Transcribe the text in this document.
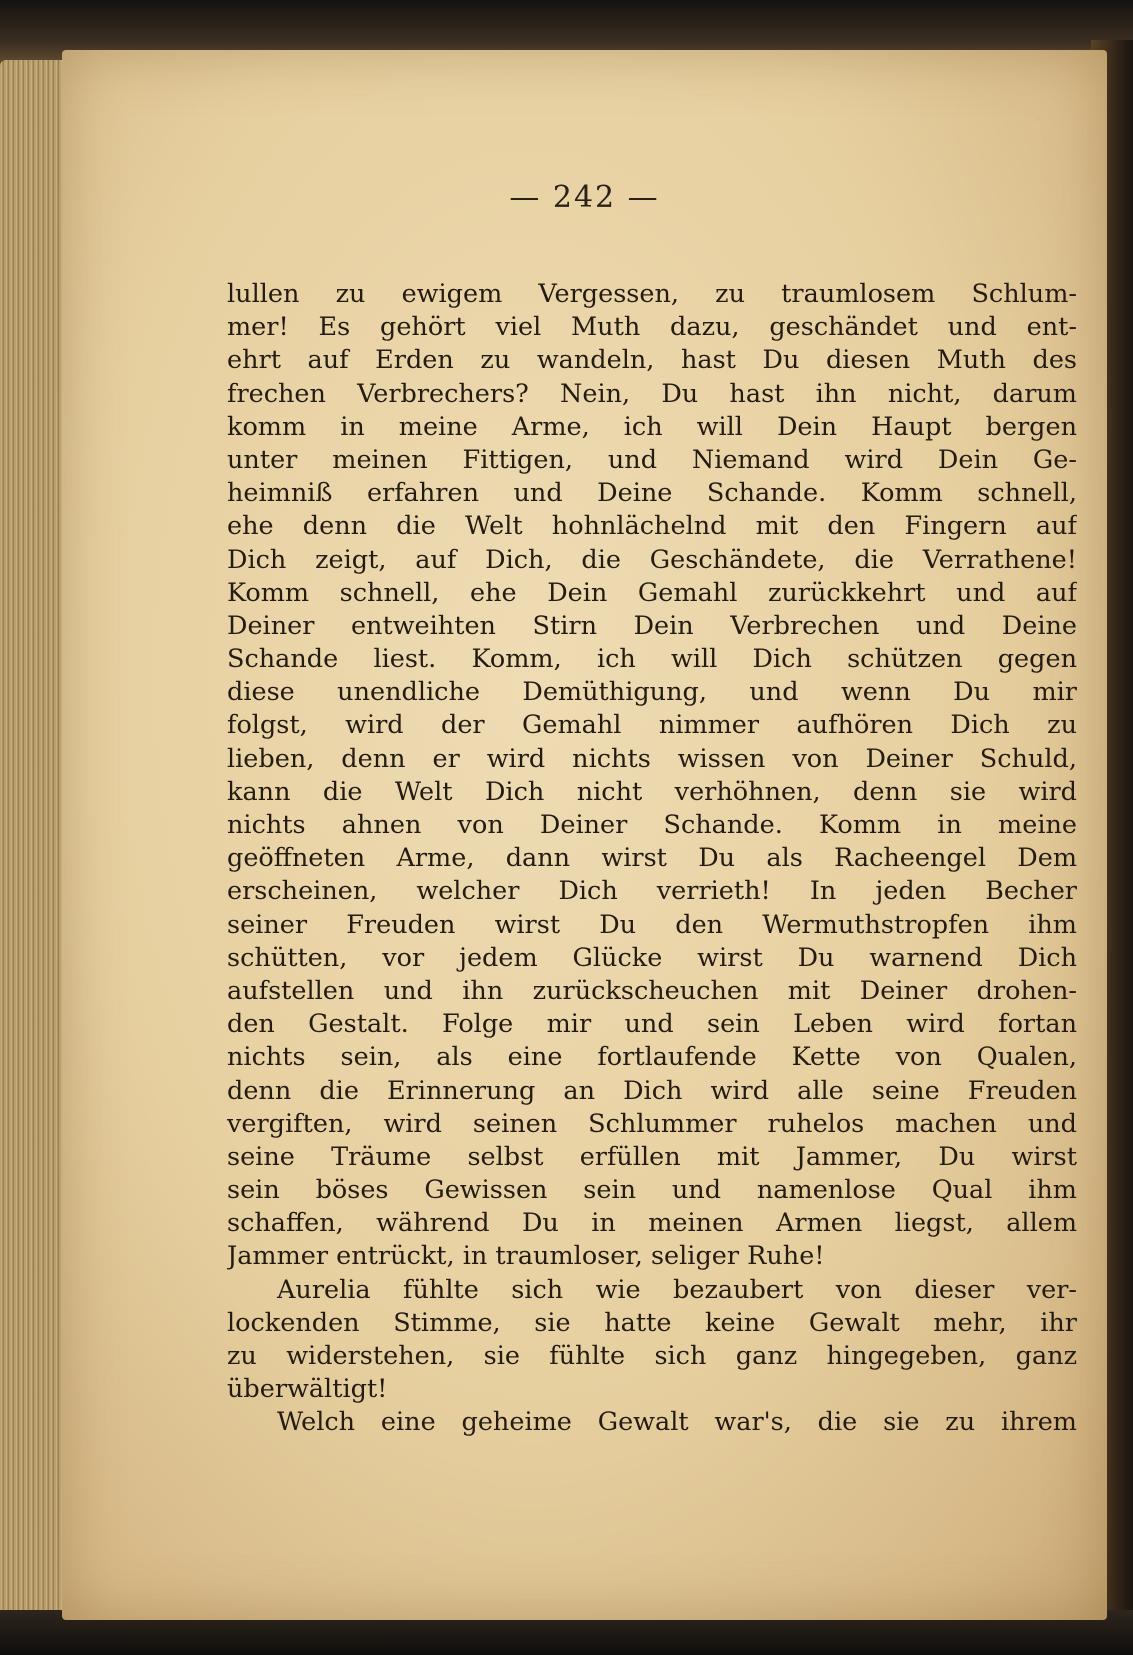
— 242 —
lullen zu ewigem Vergessen, zu traumlosem Schlum-
mer! Es gehört viel Muth dazu, geschändet und ent-
ehrt auf Erden zu wandeln, hast Du diesen Muth des
frechen Verbrechers? Nein, Du hast ihn nicht, darum
komm in meine Arme, ich will Dein Haupt bergen
unter meinen Fittigen, und Niemand wird Dein Ge-
heimniß erfahren und Deine Schande. Komm schnell,
ehe denn die Welt hohnlächelnd mit den Fingern auf
Dich zeigt, auf Dich, die Geschändete, die Verrathene!
Komm schnell, ehe Dein Gemahl zurückkehrt und auf
Deiner entweihten Stirn Dein Verbrechen und Deine
Schande liest. Komm, ich will Dich schützen gegen
diese unendliche Demüthigung, und wenn Du mir
folgst, wird der Gemahl nimmer aufhören Dich zu
lieben, denn er wird nichts wissen von Deiner Schuld,
kann die Welt Dich nicht verhöhnen, denn sie wird
nichts ahnen von Deiner Schande. Komm in meine
geöffneten Arme, dann wirst Du als Racheengel Dem
erscheinen, welcher Dich verrieth! In jeden Becher
seiner Freuden wirst Du den Wermuthstropfen ihm
schütten, vor jedem Glücke wirst Du warnend Dich
aufstellen und ihn zurückscheuchen mit Deiner drohen-
den Gestalt. Folge mir und sein Leben wird fortan
nichts sein, als eine fortlaufende Kette von Qualen,
denn die Erinnerung an Dich wird alle seine Freuden
vergiften, wird seinen Schlummer ruhelos machen und
seine Träume selbst erfüllen mit Jammer, Du wirst
sein böses Gewissen sein und namenlose Qual ihm
schaffen, während Du in meinen Armen liegst, allem
Jammer entrückt, in traumloser, seliger Ruhe!
Aurelia fühlte sich wie bezaubert von dieser ver-
lockenden Stimme, sie hatte keine Gewalt mehr, ihr
zu widerstehen, sie fühlte sich ganz hingegeben, ganz
überwältigt!
Welch eine geheime Gewalt war's, die sie zu ihrem
